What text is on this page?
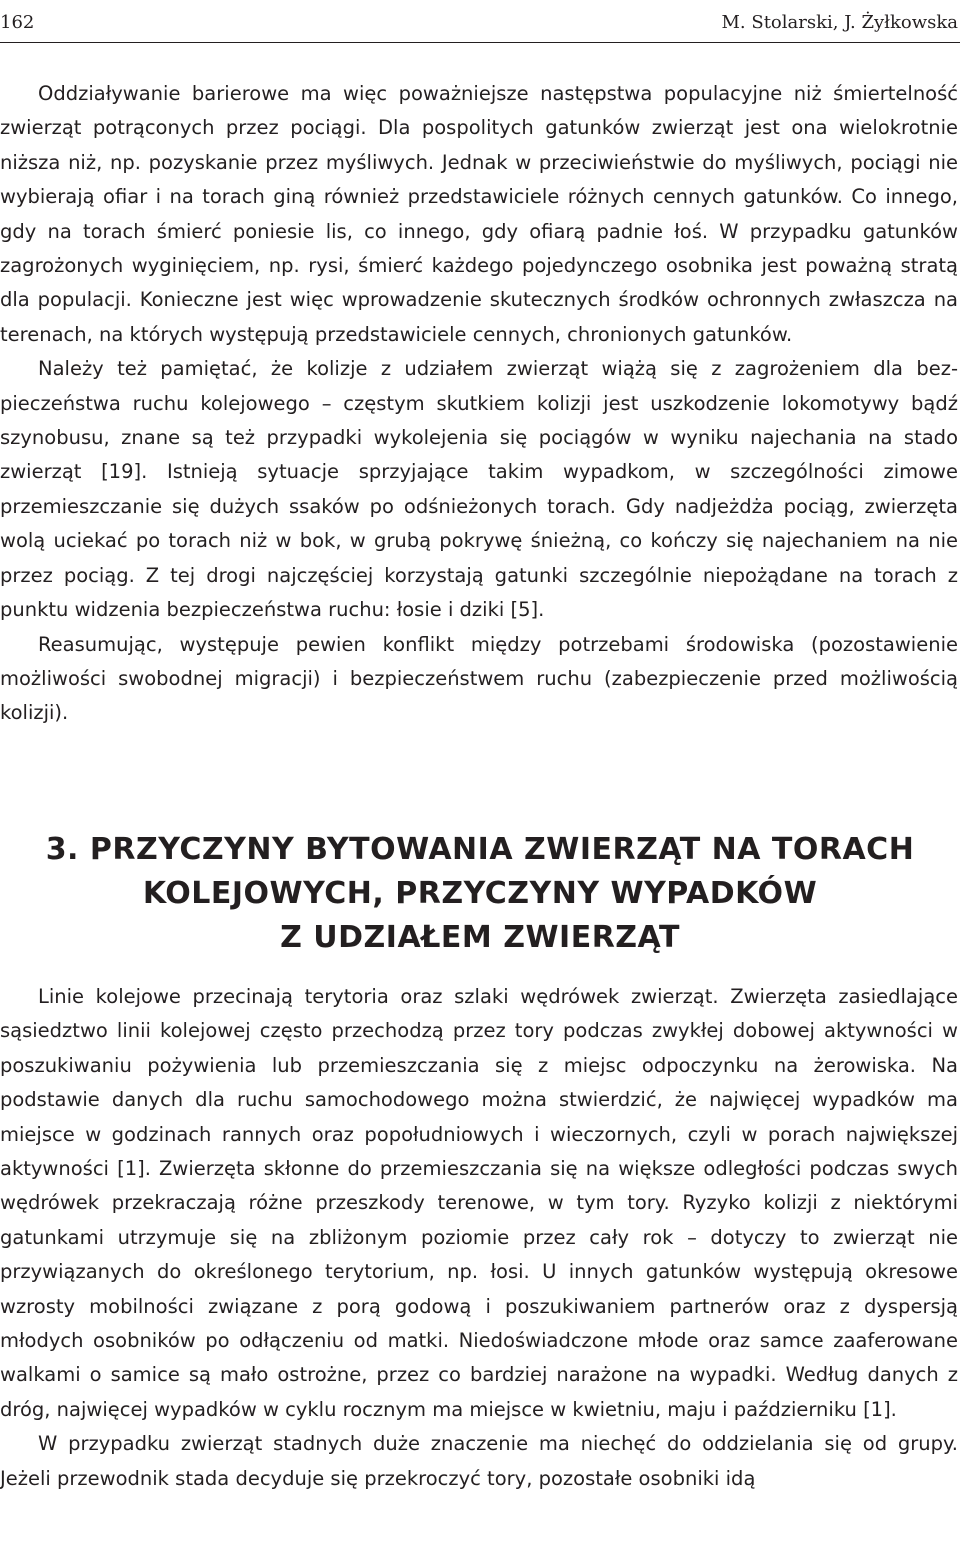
162	M. Stolarski, J. Żyłkowska

Oddziaływanie barierowe ma więc poważniejsze następstwa populacyjne niż śmiertelność zwierząt potrąconych przez pociągi. Dla pospolitych gatunków zwierząt jest ona wielokrotnie niższa niż, np. pozyskanie przez myśliwych. Jednak w przeciwieństwie do myśliwych, pociągi nie wybierają ofiar i na torach giną również przedstawiciele różnych cennych gatunków. Co innego, gdy na torach śmierć poniesie lis, co innego, gdy ofiarą padnie łoś. W przypadku gatunków zagrożonych wyginięciem, np. rysi, śmierć każdego pojedynczego osobnika jest poważną stratą dla populacji. Konieczne jest więc wprowadzenie skutecznych środków ochronnych zwłaszcza na terenach, na których występują przedstawiciele cennych, chronionych gatunków.

Należy też pamiętać, że kolizje z udziałem zwierząt wiążą się z zagrożeniem dla bezpieczeństwa ruchu kolejowego – częstym skutkiem kolizji jest uszkodzenie lokomotywy bądź szynobusu, znane są też przypadki wykolejenia się pociągów w wyniku najechania na stado zwierząt [19]. Istnieją sytuacje sprzyjające takim wypadkom, w szczególności zimowe przemieszczanie się dużych ssaków po odśnieżonych torach. Gdy nadjeżdża pociąg, zwierzęta wolą uciekać po torach niż w bok, w grubą pokrywę śnieżną, co kończy się najechaniem na nie przez pociąg. Z tej drogi najczęściej korzystają gatunki szczególnie niepożądane na torach z punktu widzenia bezpieczeństwa ruchu: łosie i dziki [5].

Reasumując, występuje pewien konflikt między potrzebami środowiska (pozostawienie możliwości swobodnej migracji) i bezpieczeństwem ruchu (zabezpieczenie przed możliwością kolizji).

3. PRZYCZYNY BYTOWANIA ZWIERZĄT NA TORACH
KOLEJOWYCH, PRZYCZYNY WYPADKÓW
Z UDZIAŁEM ZWIERZĄT

Linie kolejowe przecinają terytoria oraz szlaki wędrówek zwierząt. Zwierzęta zasiedlające sąsiedztwo linii kolejowej często przechodzą przez tory podczas zwykłej dobowej aktywności w poszukiwaniu pożywienia lub przemieszczania się z miejsc odpoczynku na żerowiska. Na podstawie danych dla ruchu samochodowego można stwierdzić, że najwięcej wypadków ma miejsce w godzinach rannych oraz popołudniowych i wieczornych, czyli w porach największej aktywności [1]. Zwierzęta skłonne do przemieszczania się na większe odległości podczas swych wędrówek przekraczają różne przeszkody terenowe, w tym tory. Ryzyko kolizji z niektórymi gatunkami utrzymuje się na zbliżonym poziomie przez cały rok – dotyczy to zwierząt nie przywiązanych do określonego terytorium, np. łosi. U innych gatunków występują okresowe wzrosty mobilności związane z porą godową i poszukiwaniem partnerów oraz z dyspersją młodych osobników po odłączeniu od matki. Niedoświadczone młode oraz samce zaaferowane walkami o samice są mało ostrożne, przez co bardziej narażone na wypadki. Według danych z dróg, najwięcej wypadków w cyklu rocznym ma miejsce w kwietniu, maju i październiku [1].

W przypadku zwierząt stadnych duże znaczenie ma niechęć do oddzielania się od grupy. Jeżeli przewodnik stada decyduje się przekroczyć tory, pozostałe osobniki idą
